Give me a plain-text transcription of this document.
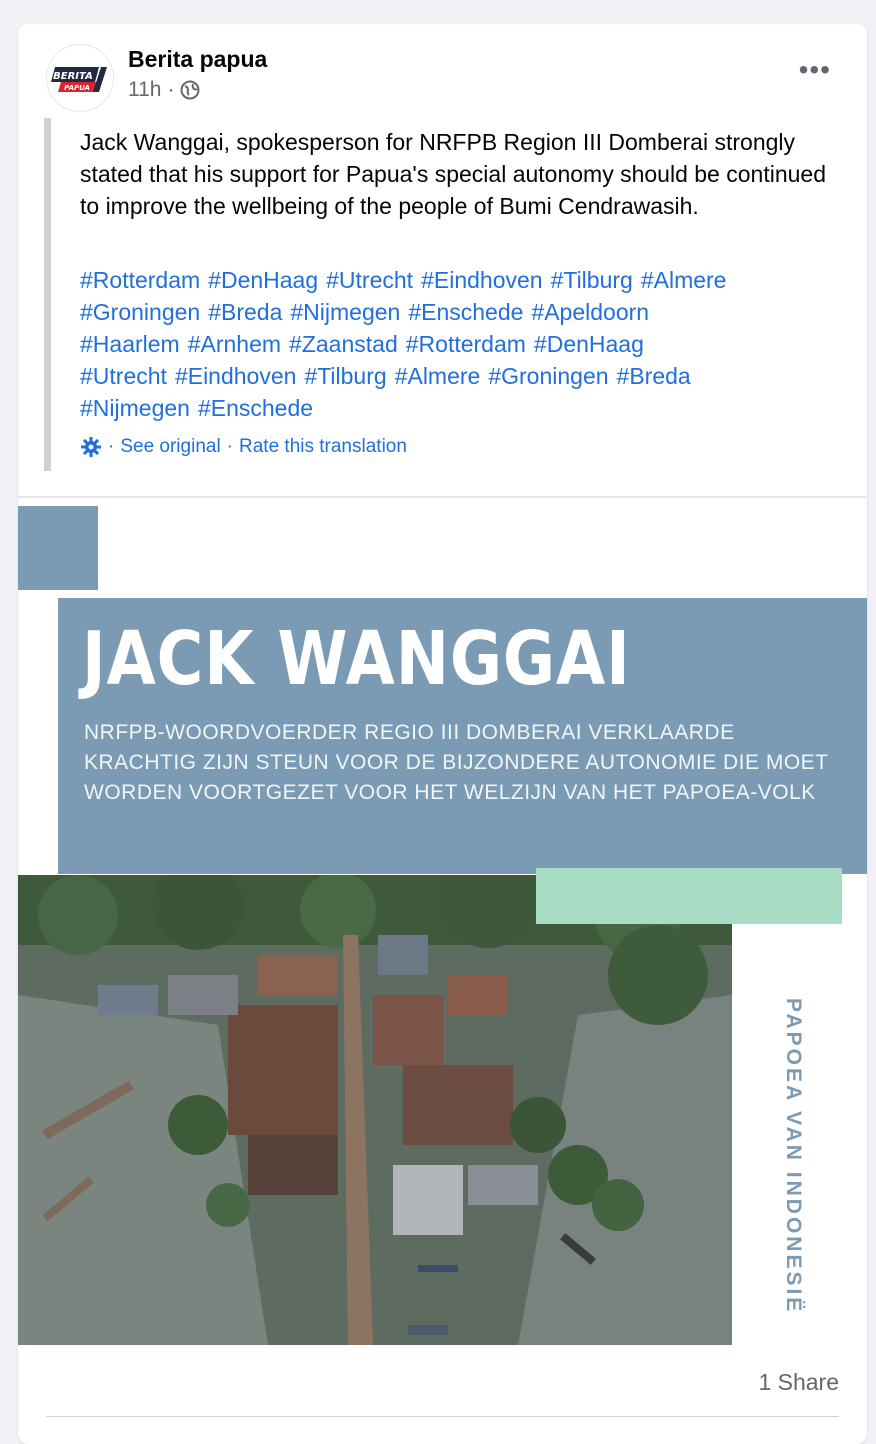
BERITA
PAPUA
Berita papua
11h ·
•••
Jack Wanggai, spokesperson for NRFPB Region III Domberai strongly stated that his support for Papua's special autonomy should be continued to improve the wellbeing of the people of Bumi Cendrawasih.
#Rotterdam #DenHaag #Utrecht #Eindhoven #Tilburg #Almere #Groningen #Breda #Nijmegen #Enschede #Apeldoorn #Haarlem #Arnhem #Zaanstad #Rotterdam #DenHaag #Utrecht #Eindhoven #Tilburg #Almere #Groningen #Breda #Nijmegen #Enschede
· See original · Rate this translation
JACK WANGGAI
NRFPB-WOORDVOERDER REGIO III DOMBERAI VERKLAARDE KRACHTIG ZIJN STEUN VOOR DE BIJZONDERE AUTONOMIE DIE MOET WORDEN VOORTGEZET VOOR HET WELZIJN VAN HET PAPOEA-VOLK
PAPOEA VAN INDONESIË
1 Share
